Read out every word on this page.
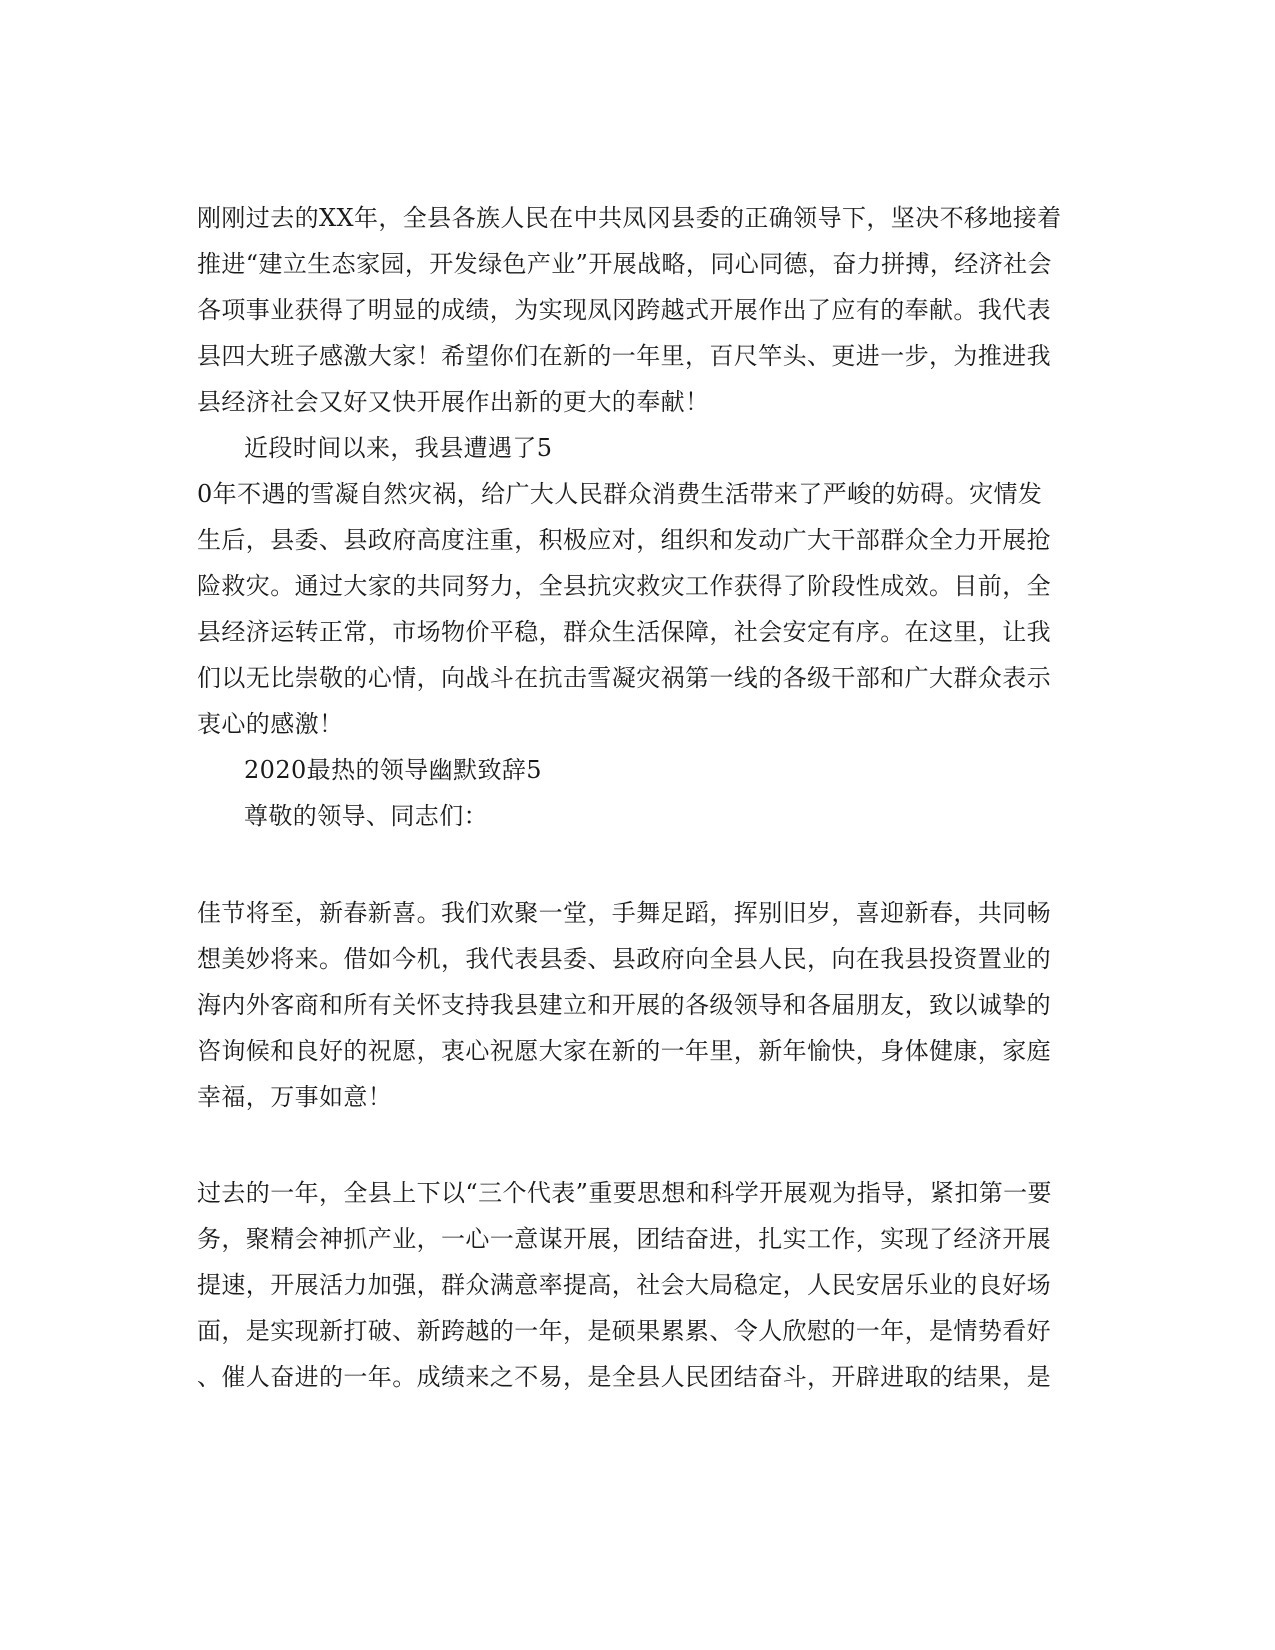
刚刚过去的XX年，全县各族人民在中共凤冈县委的正确领导下，坚决不移地接着
推进“建立生态家园，开发绿色产业”开展战略，同心同德，奋力拼搏，经济社会
各项事业获得了明显的成绩，为实现凤冈跨越式开展作出了应有的奉献。我代表
县四大班子感激大家！希望你们在新的一年里，百尺竿头、更进一步，为推进我
县经济社会又好又快开展作出新的更大的奉献！
近段时间以来，我县遭遇了5
0年不遇的雪凝自然灾祸，给广大人民群众消费生活带来了严峻的妨碍。灾情发
生后，县委、县政府高度注重，积极应对，组织和发动广大干部群众全力开展抢
险救灾。通过大家的共同努力，全县抗灾救灾工作获得了阶段性成效。目前，全
县经济运转正常，市场物价平稳，群众生活保障，社会安定有序。在这里，让我
们以无比崇敬的心情，向战斗在抗击雪凝灾祸第一线的各级干部和广大群众表示
衷心的感激！
2020最热的领导幽默致辞5
尊敬的领导、同志们：
佳节将至，新春新喜。我们欢聚一堂，手舞足蹈，挥别旧岁，喜迎新春，共同畅
想美妙将来。借如今机，我代表县委、县政府向全县人民，向在我县投资置业的
海内外客商和所有关怀支持我县建立和开展的各级领导和各届朋友，致以诚挚的
咨询候和良好的祝愿，衷心祝愿大家在新的一年里，新年愉快，身体健康，家庭
幸福，万事如意！
过去的一年，全县上下以“三个代表”重要思想和科学开展观为指导，紧扣第一要
务，聚精会神抓产业，一心一意谋开展，团结奋进，扎实工作，实现了经济开展
提速，开展活力加强，群众满意率提高，社会大局稳定，人民安居乐业的良好场
面，是实现新打破、新跨越的一年，是硕果累累、令人欣慰的一年，是情势看好
、催人奋进的一年。成绩来之不易，是全县人民团结奋斗，开辟进取的结果，是
